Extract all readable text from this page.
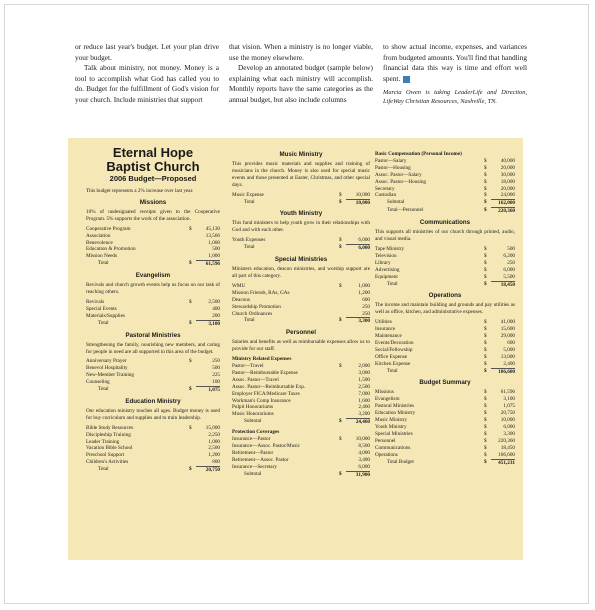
or reduce last year's budget. Let your plan drive your budget.

Talk about ministry, not money. Money is a tool to accomplish what God has called you to do. Budget for the fulfillment of God's vision for your church. Include ministries that support

that vision. When a ministry is no longer viable, use the money elsewhere.

Develop an annotated budget (sample below) explaining what each ministry will accomplish. Monthly reports have the same categories as the annual budget, but also include columns

to show actual income, expenses, and variances from budgeted amounts. You'll find that handling financial data this way is time and effort well spent.

Marcia Owen is taking LeaderLife and Direction, LifeWay Christian Resources, Nashville, TN.

Eternal Hope
Baptist Church
2006 Budget—Proposed
This budget represents a 2% increase over last year.
Missions
10% of undesignated receipts given to the Cooperative Program. 5% supports the work of the association.
Cooperative Program	$	45,130
Association	13,566
Benevolence	1,000
Education & Promotion	500
Mission Needs	1,000
Total	$	61,596
Evangelism
Revivals and church growth events help us focus on our task of reaching others.
Revivals	$	2,500
Special Events	400
Materials/Supplies	200
Total	$	3,100
Pastoral Ministries
Strengthening the family, nourishing new members, and caring for people in need are all supported in this area of the budget.
Anniversary Prayer	$	250
Benevol Hospitality	500
New-Member Training	225
Counseling	100
Total	$	1,075
Education Ministry
Our education ministry touches all ages. Budget money is used for buy curriculum and supplies and to train leadership.
Bible Study Resources	$	15,000
Discipleship Training	2,250
Leader Training	1,000
Vacation Bible School	2,500
Preschool Support	1,200
Children's Activities	800
Total	$	20,750
Music Ministry
This provides music materials and supplies and training of musicians in the church. Money is also used for special music events and those presented at Easter, Christmas, and other special days.
Music Expense	$	10,000
Total	$	10,000
Youth Ministry
This fund ministers to help youth grow in their relationships with God and with each other.
Youth Expenses	$	6,000
Total	$	6,000
Special Ministries
Ministers education, deacon ministries, and worship support are all part of this category.
WMU	$	1,000
Mission Friends, RAs, GAs	1,200
Deacons	600
Stewardship Promotion	250
Church Ordinances	250
Total	$	3,300
Personnel
Salaries and benefits as well as reimbursable expenses allow us to provide for our staff.
Ministry Related Expenses
Pastor—Travel	$	2,000
Pastor—Reimbursable Expense	3,000
Assoc. Pastor—Travel	1,500
Assoc. Pastor—Reimbursable Exp.	2,500
Employer FICA/Medicare Taxes	7,000
Workman's Comp Insurance	1,600
Pulpit Honorariums	2,460
Music Honorariums	3,200
Subtotal	$	24,460
Protection Coverages
Insurance—Pastor	$	10,000
Insurance—Assoc. Pastor/Music	8,500
Retirement—Pastor	4,000
Retirement—Assoc. Pastor	3,400
Insurance—Secretary	6,000
Subtotal	$	31,900
Basic Compensation (Personal Income)
Pastor—Salary	$	40,000
Pastor—Housing	$	20,000
Assoc. Pastor—Salary	$	30,000
Assoc. Pastor—Housing	$	18,000
Secretary	$	20,000
Custodian	$	24,000
Subtotal	$	162,000
Total—Personnel	$	220,360
Communications
This supports all ministries of our church through printed, audio, and visual media.
Tape Ministry	$	500
Television	$	6,200
Library	$	250
Advertising	$	6,000
Equipment	$	5,500
Total	$	18,450
Operations
The income and maintain building and grounds and pay utilities as well as office, kitchen, and administrative expenses.
Utilities	$	41,000
Insurance	$	15,600
Maintenance	$	29,000
Events/Decoration	$	600
Social/Fellowship	$	5,000
Office Expense	$	13,000
Kitchen Expense	$	2,400
Total	$	106,600
Budget Summary
Missions	$	61,596
Evangelism	$	3,100
Pastoral Ministries	$	1,075
Education Ministry	$	20,750
Music Ministry	$	10,000
Youth Ministry	$	6,000
Special Ministries	$	3,300
Personnel	$	220,360
Communications	$	18,450
Operations	$	106,600
Total Budget	$	451,231
